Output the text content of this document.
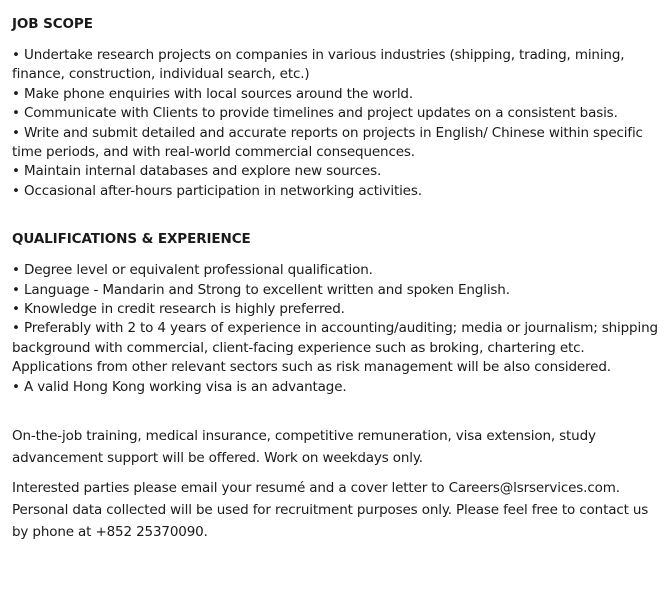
JOB SCOPE
• Undertake research projects on companies in various industries (shipping, trading, mining, finance, construction, individual search, etc.)
• Make phone enquiries with local sources around the world.
• Communicate with Clients to provide timelines and project updates on a consistent basis.
• Write and submit detailed and accurate reports on projects in English/ Chinese within specific time periods, and with real-world commercial consequences.
• Maintain internal databases and explore new sources.
• Occasional after-hours participation in networking activities.
QUALIFICATIONS & EXPERIENCE
• Degree level or equivalent professional qualification.
• Language - Mandarin and Strong to excellent written and spoken English.
• Knowledge in credit research is highly preferred.
• Preferably with 2 to 4 years of experience in accounting/auditing; media or journalism; shipping background with commercial, client-facing experience such as broking, chartering etc. Applications from other relevant sectors such as risk management will be also considered.
• A valid Hong Kong working visa is an advantage.

On-the-job training, medical insurance, competitive remuneration, visa extension, study advancement support will be offered. Work on weekdays only.

Interested parties please email your resumé and a cover letter to Careers@lsrservices.com. Personal data collected will be used for recruitment purposes only. Please feel free to contact us by phone at +852 25370090.
